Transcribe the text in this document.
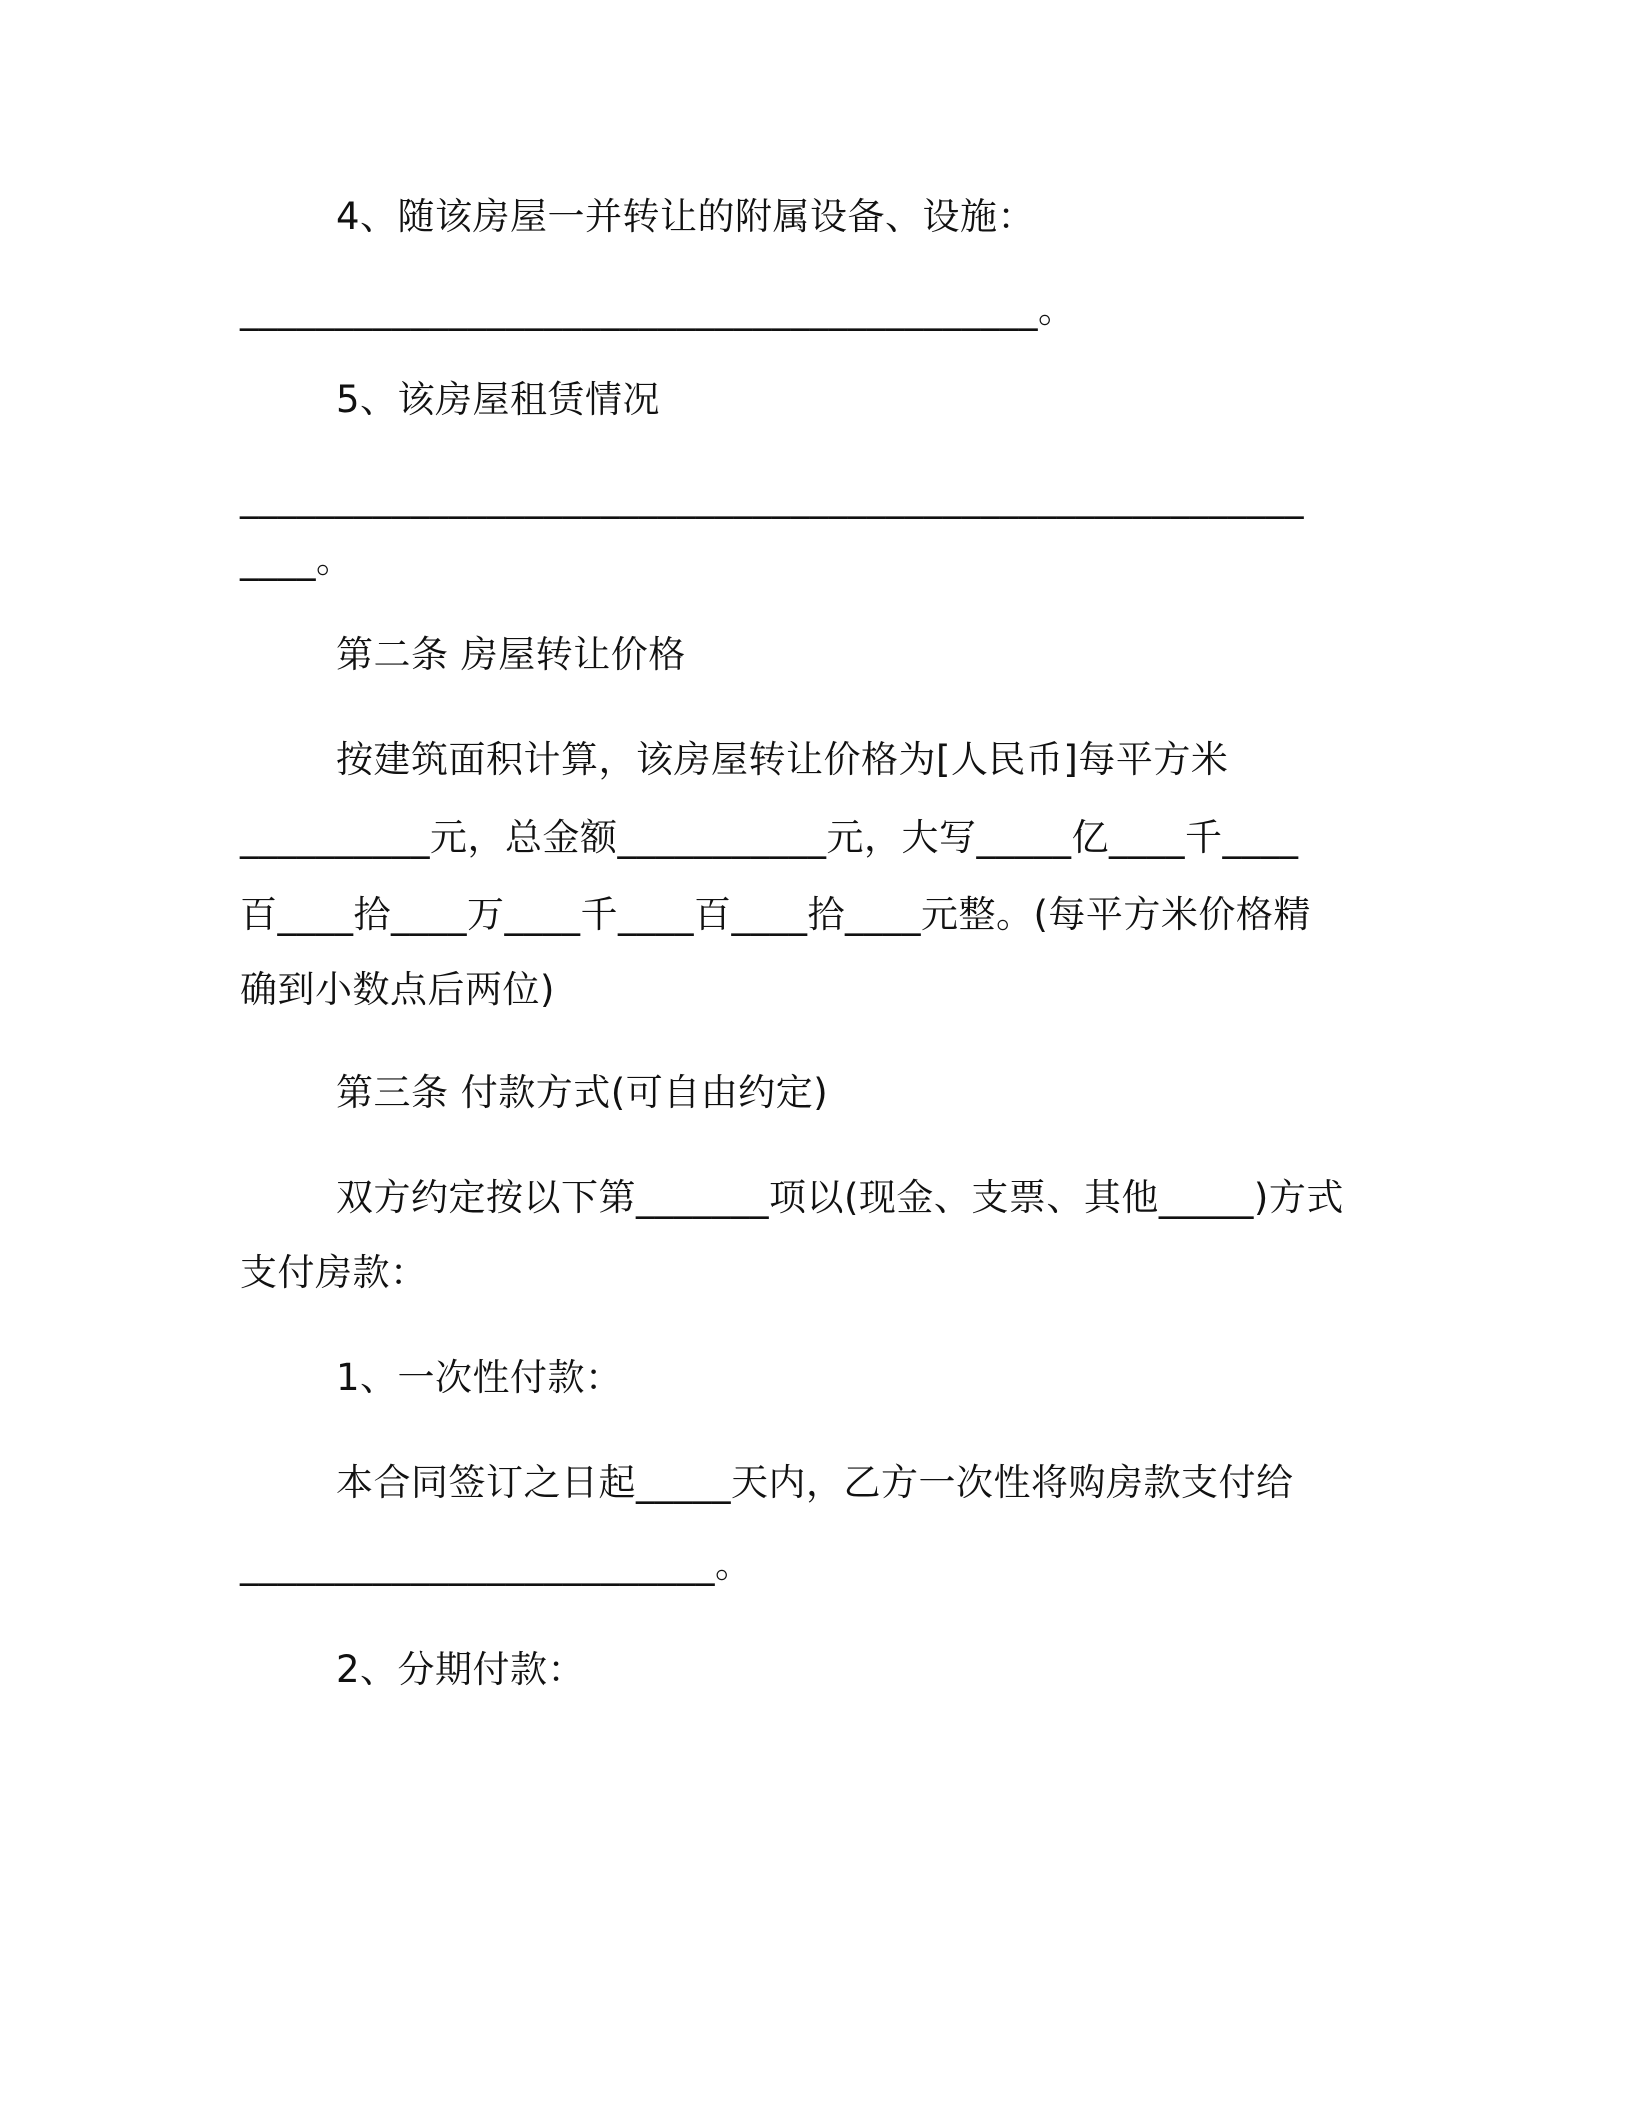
4、随该房屋一并转让的附属设备、设施：
__________________________________________。
5、该房屋租赁情况
________________________________________________________
____。
第二条 房屋转让价格
按建筑面积计算，该房屋转让价格为[人民币]每平方米
__________元，总金额___________元，大写_____亿____千____
百____拾____万____千____百____拾____元整。(每平方米价格精
确到小数点后两位)
第三条 付款方式(可自由约定)
双方约定按以下第_______项以(现金、支票、其他_____)方式
支付房款：
1、一次性付款：
本合同签订之日起_____天内，乙方一次性将购房款支付给
_________________________。
2、分期付款：
